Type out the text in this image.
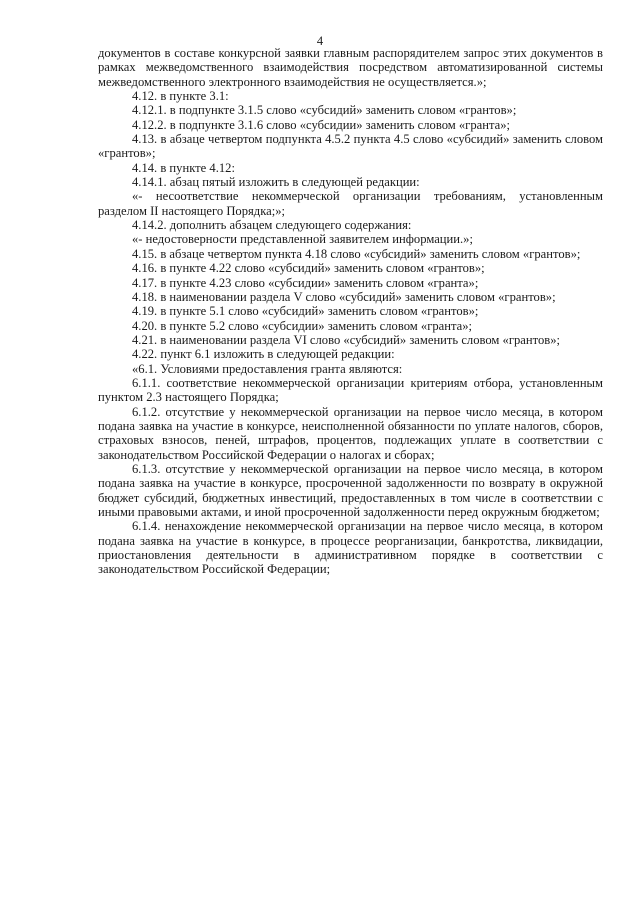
4

документов в составе конкурсной заявки главным распорядителем запрос этих документов в рамках межведомственного взаимодействия посредством автоматизированной системы межведомственного электронного взаимодействия не осуществляется.»;

4.12. в пункте 3.1:

4.12.1. в подпункте 3.1.5 слово «субсидий» заменить словом «грантов»;

4.12.2. в подпункте 3.1.6 слово «субсидии» заменить словом «гранта»;

4.13. в абзаце четвертом подпункта 4.5.2 пункта 4.5 слово «субсидий» заменить словом «грантов»;

4.14. в пункте 4.12:

4.14.1. абзац пятый изложить в следующей редакции:

«- несоответствие некоммерческой организации требованиям, установленным разделом II настоящего Порядка;»;

4.14.2. дополнить абзацем следующего содержания:

«- недостоверности представленной заявителем информации.»;

4.15. в абзаце четвертом пункта 4.18 слово «субсидий» заменить словом «грантов»;

4.16. в пункте 4.22 слово «субсидий» заменить словом «грантов»;

4.17. в пункте 4.23 слово «субсидии» заменить словом «гранта»;

4.18. в наименовании раздела V слово «субсидий» заменить словом «грантов»;

4.19. в пункте 5.1 слово «субсидий» заменить словом «грантов»;

4.20. в пункте 5.2 слово «субсидии» заменить словом «гранта»;

4.21. в наименовании раздела VI слово «субсидий» заменить словом «грантов»;

4.22. пункт 6.1 изложить в следующей редакции:

«6.1. Условиями предоставления гранта являются:

6.1.1. соответствие некоммерческой организации критериям отбора, установленным пунктом 2.3 настоящего Порядка;

6.1.2. отсутствие у некоммерческой организации на первое число месяца, в котором подана заявка на участие в конкурсе, неисполненной обязанности по уплате налогов, сборов, страховых взносов, пеней, штрафов, процентов, подлежащих уплате в соответствии с законодательством Российской Федерации о налогах и сборах;

6.1.3. отсутствие у некоммерческой организации на первое число месяца, в котором подана заявка на участие в конкурсе, просроченной задолженности по возврату в окружной бюджет субсидий, бюджетных инвестиций, предоставленных в том числе в соответствии с иными правовыми актами, и иной просроченной задолженности перед окружным бюджетом;

6.1.4. ненахождение некоммерческой организации на первое число месяца, в котором подана заявка на участие в конкурсе, в процессе реорганизации, банкротства, ликвидации, приостановления деятельности в административном порядке в соответствии с законодательством Российской Федерации;
